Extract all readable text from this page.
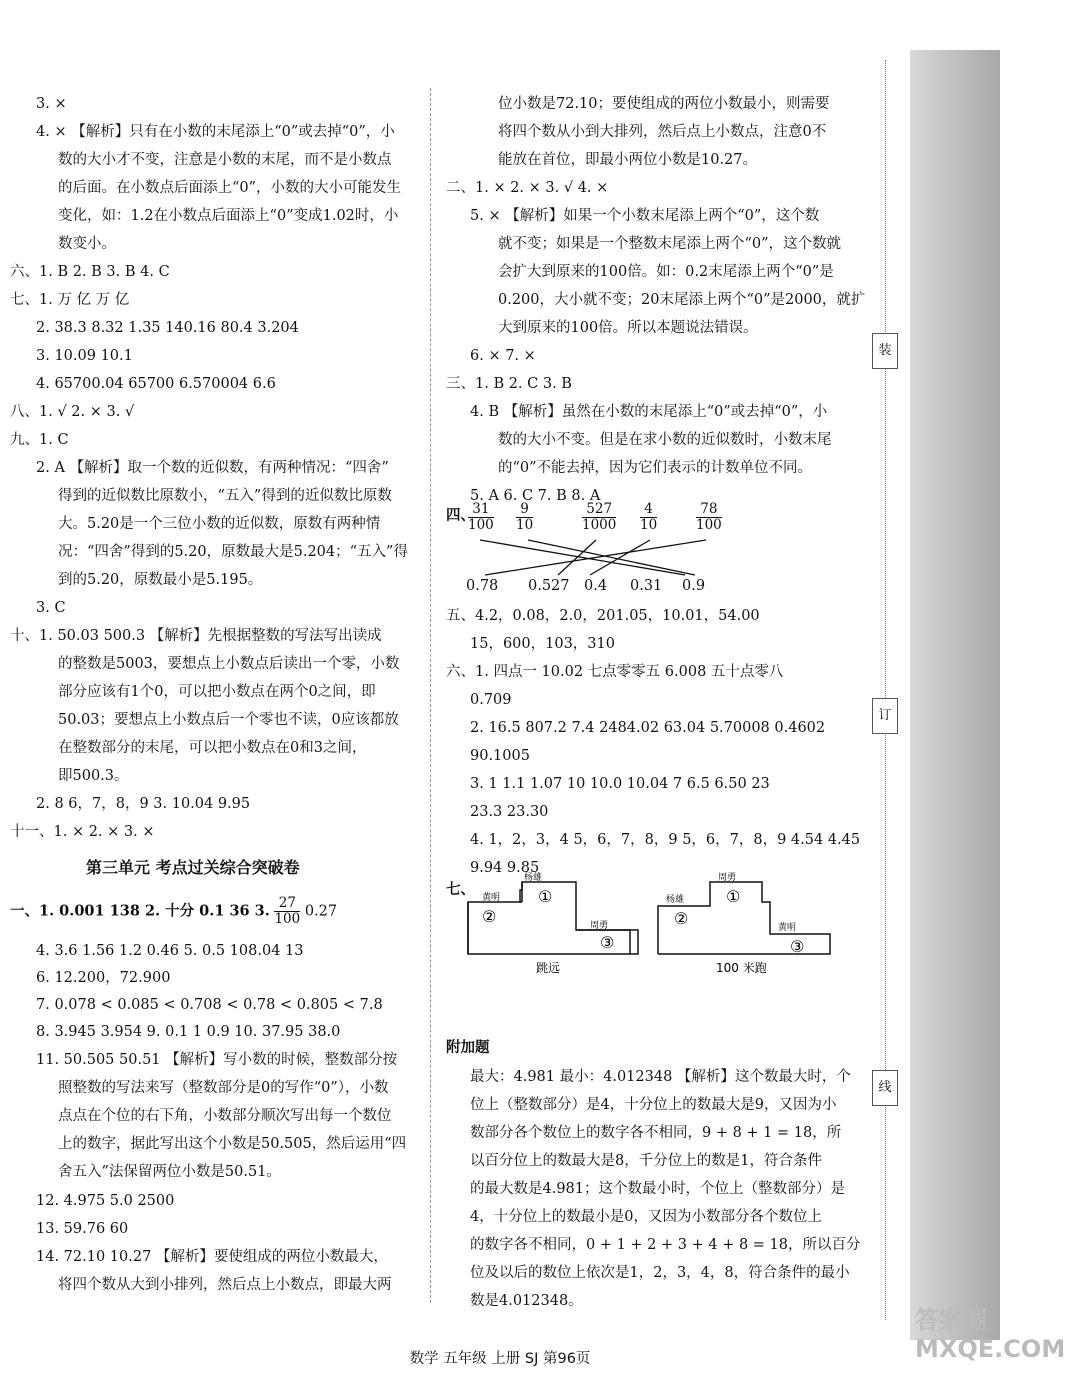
第三单元 考点过关综合突破卷
一、1. 0.001 138 2. 十分 0.1 36 3. $\frac{27}{100} 0.27$
四、
七、
杨雄
黄明
周勇
①
②
③
跳远
周勇
杨雄
黄明
①
②
③
100 米跑
附加题
装
订
线
数学 五年级 上册 SJ 第96页
答案圈 MXQE.COM
3. ×
4. × 【解析】只有在小数的末尾添上“0”或去掉“0”，小
数的大小才不变，注意是小数的末尾，而不是小数点
的后面。在小数点后面添上“0”，小数的大小可能发生
变化，如：1.2在小数点后面添上“0”变成1.02时，小
数变小。
六、1. B 2. B 3. B 4. C
七、1. 万 亿 万 亿
2. 38.3 8.32 1.35 140.16 80.4 3.204
3. 10.09 10.1
4. 65700.04 65700 6.570004 6.6
八、1. √ 2. × 3. √
九、1. C
2. A 【解析】取一个数的近似数，有两种情况：“四舍”
得到的近似数比原数小，“五入”得到的近似数比原数
大。5.20是一个三位小数的近似数，原数有两种情
况：“四舍”得到的5.20，原数最大是5.204；“五入”得
到的5.20，原数最小是5.195。
3. C
十、1. 50.03 500.3 【解析】先根据整数的写法写出读成
的整数是5003，要想点上小数点后读出一个零，小数
部分应该有1个0，可以把小数点在两个0之间，即
50.03；要想点上小数点后一个零也不读，0应该都放
在整数部分的末尾，可以把小数点在0和3之间，
即500.3。
2. 8 6，7，8，9 3. 10.04 9.95
十一、1. × 2. × 3. ×
4. 3.6 1.56 1.2 0.46 5. 0.5 108.04 13
6. 12.200，72.900
7. 0.078 < 0.085 < 0.708 < 0.78 < 0.805 < 7.8
8. 3.945 3.954 9. 0.1 1 0.9 10. 37.95 38.0
11. 50.505 50.51 【解析】写小数的时候，整数部分按
照整数的写法来写（整数部分是0的写作“0”），小数
点点在个位的右下角，小数部分顺次写出每一个数位
上的数字，据此写出这个小数是50.505，然后运用“四
舍五入”法保留两位小数是50.51。
12. 4.975 5.0 2500
13. 59.76 60
14. 72.10 10.27 【解析】要使组成的两位小数最大，
将四个数从大到小排列，然后点上小数点，即最大两
位小数是72.10；要使组成的两位小数最小，则需要
将四个数从小到大排列，然后点上小数点，注意0不
能放在首位，即最小两位小数是10.27。
二、1. × 2. × 3. √ 4. ×
5. × 【解析】如果一个小数末尾添上两个“0”，这个数
就不变；如果是一个整数末尾添上两个“0”，这个数就
会扩大到原来的100倍。如：0.2末尾添上两个“0”是
0.200，大小就不变；20末尾添上两个“0”是2000，就扩
大到原来的100倍。所以本题说法错误。
6. × 7. ×
三、1. B 2. C 3. B
4. B 【解析】虽然在小数的末尾添上“0”或去掉“0”，小
数的大小不变。但是在求小数的近似数时，小数末尾
的“0”不能去掉，因为它们表示的计数单位不同。
5. A 6. C 7. B 8. A
五、4.2，0.08，2.0，201.05，10.01，54.00
15，600，103，310
六、1. 四点一 10.02 七点零零五 6.008 五十点零八
0.709
2. 16.5 807.2 7.4 2484.02 63.04 5.70008 0.4602
90.1005
3. 1 1.1 1.07 10 10.0 10.04 7 6.5 6.50 23
23.3 23.30
4. 1，2，3，4 5，6，7，8，9 5，6，7，8，9 4.54 4.45
9.94 9.85
最大：4.981 最小：4.012348 【解析】这个数最大时，个
位上（整数部分）是4，十分位上的数最大是9，又因为小
数部分各个数位上的数字各不相同，9 + 8 + 1 = 18，所
以百分位上的数最大是8，千分位上的数是1，符合条件
的最大数是4.981；这个数最小时，个位上（整数部分）是
4，十分位上的数最小是0，又因为小数部分各个数位上
的数字各不相同，0 + 1 + 2 + 3 + 4 + 8 = 18，所以百分
位及以后的数位上依次是1，2，3，4，8，符合条件的最小
数是4.012348。
$\frac{31}{100} \frac{9}{10}$	$\frac{527}{1000} \frac{4}{10}$	$\frac{78}{100}$
0.78 0.527 0.4 0.31 0.9
